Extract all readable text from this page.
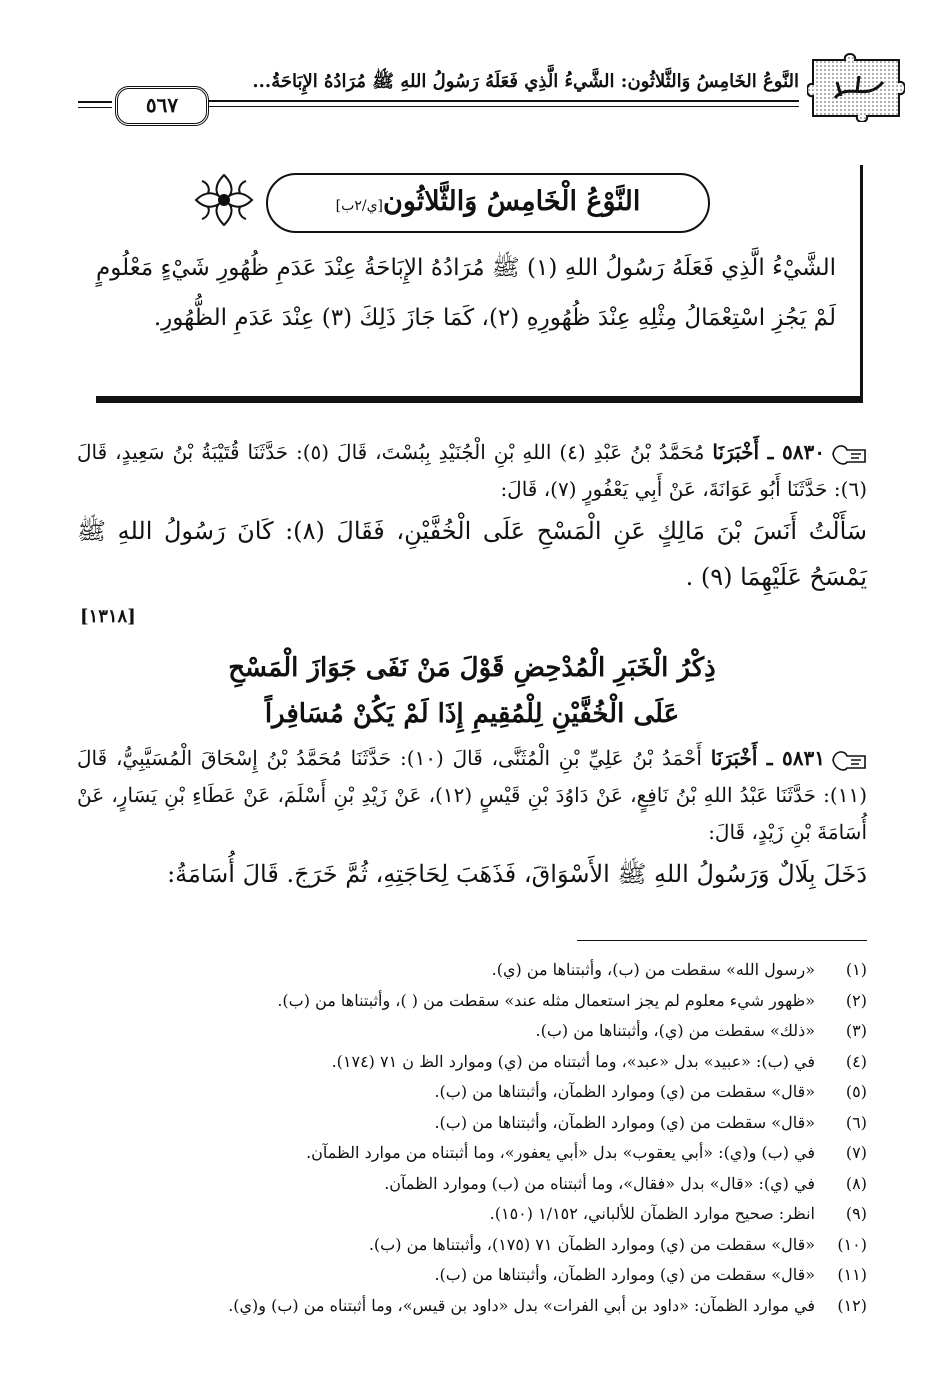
النَّوعُ الخَامِسُ وَالثَّلاثُون: الشَّيءُ الَّذِي فَعَلَهُ رَسُولُ اللهِ ﷺ مُرَادُهُ الإِبَاحَةُ...
٥٦٧
النَّوْعُ الْخَامِسُ وَالثَّلاثُون[ي/٢ب]
الشَّيْءُ الَّذِي فَعَلَهُ رَسُولُ اللهِ (١) ﷺ مُرَادُهُ الإِبَاحَةُ عِنْدَ عَدَمِ ظُهُورِ شَيْءٍ مَعْلُومٍ لَمْ يَجُزِ اسْتِعْمَالُ مِثْلِهِ عِنْدَ ظُهُورِهِ (٢)، كَمَا جَازَ ذَلِكَ (٣) عِنْدَ عَدَمِ الظُّهُورِ.
٥٨٣٠ ـ أَخْبَرَنَا مُحَمَّدُ بْنُ عَبْدِ (٤) اللهِ بْنِ الْجُنَيْدِ بِبُسْتَ، قَالَ (٥): حَدَّثَنَا قُتَيْبَةُ بْنُ سَعِيدٍ، قَالَ (٦): حَدَّثَنَا أَبُو عَوَانَةَ، عَنْ أَبِي يَعْفُورٍ (٧)، قَالَ:
سَأَلْتُ أَنَسَ بْنَ مَالِكٍ عَنِ الْمَسْحِ عَلَى الْخُفَّيْنِ، فَقَالَ (٨): كَانَ رَسُولُ اللهِ ﷺ يَمْسَحُ عَلَيْهِمَا (٩) .
[١٣١٨]
ذِكْرُ الْخَبَرِ الْمُدْحِضِ قَوْلَ مَنْ نَفَى جَوَازَ الْمَسْحِ
عَلَى الْخُفَّيْنِ لِلْمُقِيمِ إِذَا لَمْ يَكُنْ مُسَافِراً
٥٨٣١ ـ أَخْبَرَنَا أَحْمَدُ بْنُ عَلِيِّ بْنِ الْمُثَنَّى، قَالَ (١٠): حَدَّثَنَا مُحَمَّدُ بْنُ إِسْحَاقَ الْمُسَيَّبِيُّ، قَالَ (١١): حَدَّثَنَا عَبْدُ اللهِ بْنُ نَافِعٍ، عَنْ دَاوُدَ بْنِ قَيْسٍ (١٢)، عَنْ زَيْدِ بْنِ أَسْلَمَ، عَنْ عَطَاءِ بْنِ يَسَارٍ، عَنْ أُسَامَةَ بْنِ زَيْدٍ، قَالَ:
دَخَلَ بِلَالٌ وَرَسُولُ اللهِ ﷺ الأَسْوَاقَ، فَذَهَبَ لِحَاجَتِهِ، ثُمَّ خَرَجَ. قَالَ أُسَامَةُ:
(١)«رسول الله» سقطت من (ب)، وأثبتناها من (ي).
(٢)«ظهور شيء معلوم لم يجز استعمال مثله عند» سقطت من ( )، وأثبتناها من (ب).
(٣)«ذلك» سقطت من (ي)، وأثبتناها من (ب).
(٤)في (ب): «عبيد» بدل «عبد»، وما أثبتناه من (ي) وموارد الظ ن ٧١ (١٧٤).
(٥)«قال» سقطت من (ي) وموارد الظمآن، وأثبتناها من (ب).
(٦)«قال» سقطت من (ي) وموارد الظمآن، وأثبتناها من (ب).
(٧)في (ب) و(ي): «أبي يعقوب» بدل «أبي يعفور»، وما أثبتناه من موارد الظمآن.
(٨)في (ي): «قال» بدل «فقال»، وما أثبتناه من (ب) وموارد الظمآن.
(٩)انظر: صحيح موارد الظمآن للألباني، ١/١٥٢ (١٥٠).
(١٠)«قال» سقطت من (ي) وموارد الظمآن ٧١ (١٧٥)، وأثبتناها من (ب).
(١١)«قال» سقطت من (ي) وموارد الظمآن، وأثبتناها من (ب).
(١٢)في موارد الظمآن: «داود بن أبي الفرات» بدل «داود بن قيس»، وما أثبتناه من (ب) و(ي).
